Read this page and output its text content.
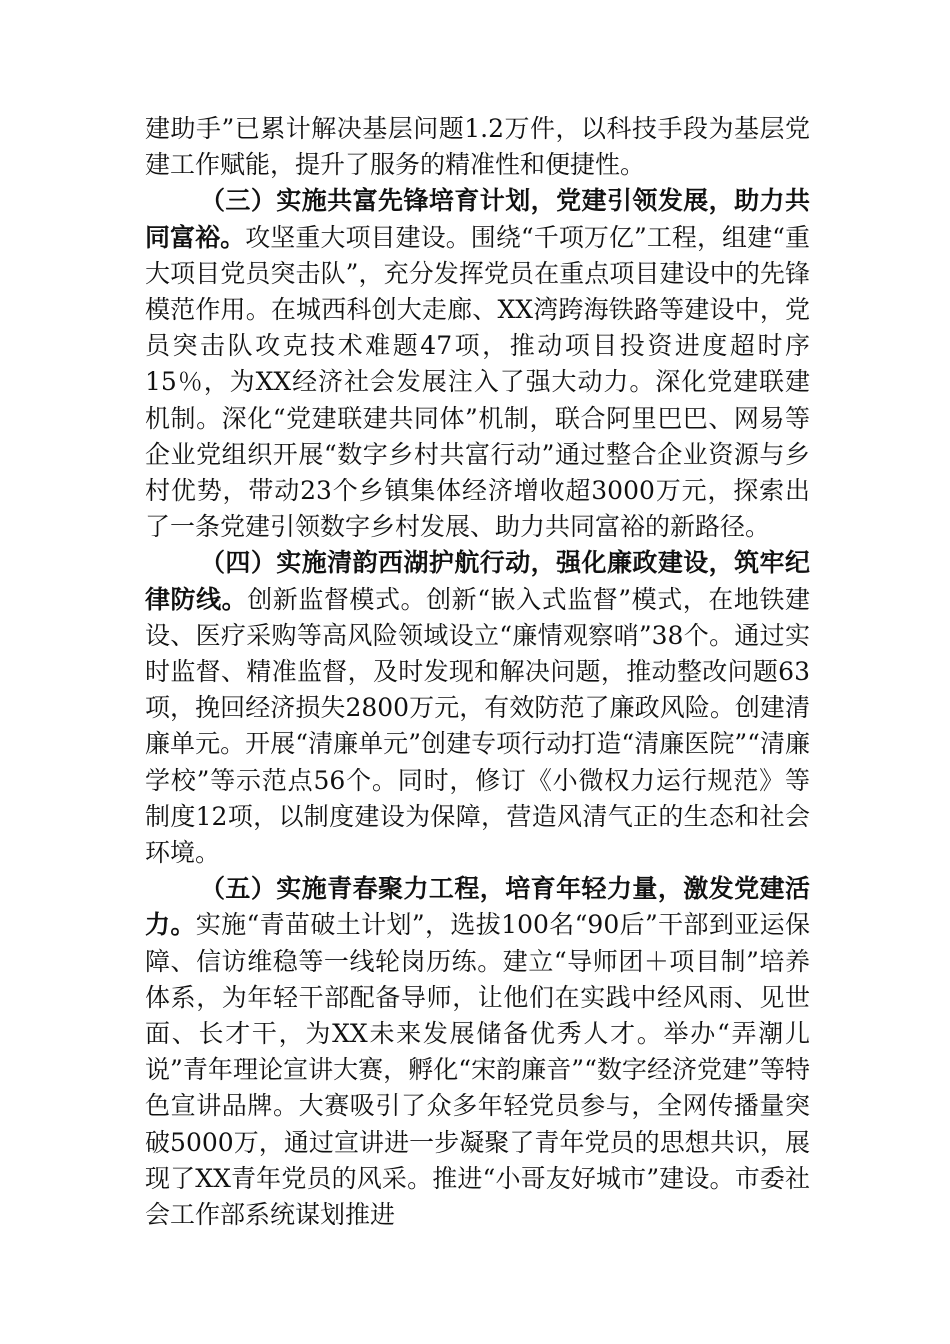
建助手”已累计解决基层问题1.2万件，以科技手段为基层党建工作赋能，提升了服务的精准性和便捷性。

（三）实施共富先锋培育计划，党建引领发展，助力共同富裕。攻坚重大项目建设。围绕“千项万亿”工程，组建“重大项目党员突击队”，充分发挥党员在重点项目建设中的先锋模范作用。在城西科创大走廊、XX湾跨海铁路等建设中，党员突击队攻克技术难题47项，推动项目投资进度超时序15％，为XX经济社会发展注入了强大动力。深化党建联建机制。深化“党建联建共同体”机制，联合阿里巴巴、网易等企业党组织开展“数字乡村共富行动”通过整合企业资源与乡村优势，带动23个乡镇集体经济增收超3000万元，探索出了一条党建引领数字乡村发展、助力共同富裕的新路径。

（四）实施清韵西湖护航行动，强化廉政建设，筑牢纪律防线。创新监督模式。创新“嵌入式监督”模式，在地铁建设、医疗采购等高风险领域设立“廉情观察哨”38个。通过实时监督、精准监督，及时发现和解决问题，推动整改问题63项，挽回经济损失2800万元，有效防范了廉政风险。创建清廉单元。开展“清廉单元”创建专项行动打造“清廉医院”“清廉学校”等示范点56个。同时，修订《小微权力运行规范》等制度12项，以制度建设为保障，营造风清气正的生态和社会环境。

（五）实施青春聚力工程，培育年轻力量，激发党建活力。实施“青苗破土计划”，选拔100名“90后”干部到亚运保障、信访维稳等一线轮岗历练。建立“导师团＋项目制”培养体系，为年轻干部配备导师，让他们在实践中经风雨、见世面、长才干，为XX未来发展储备优秀人才。举办“弄潮儿说”青年理论宣讲大赛，孵化“宋韵廉音”“数字经济党建”等特色宣讲品牌。大赛吸引了众多年轻党员参与，全网传播量突破5000万，通过宣讲进一步凝聚了青年党员的思想共识，展现了XX青年党员的风采。推进“小哥友好城市”建设。市委社会工作部系统谋划推进
